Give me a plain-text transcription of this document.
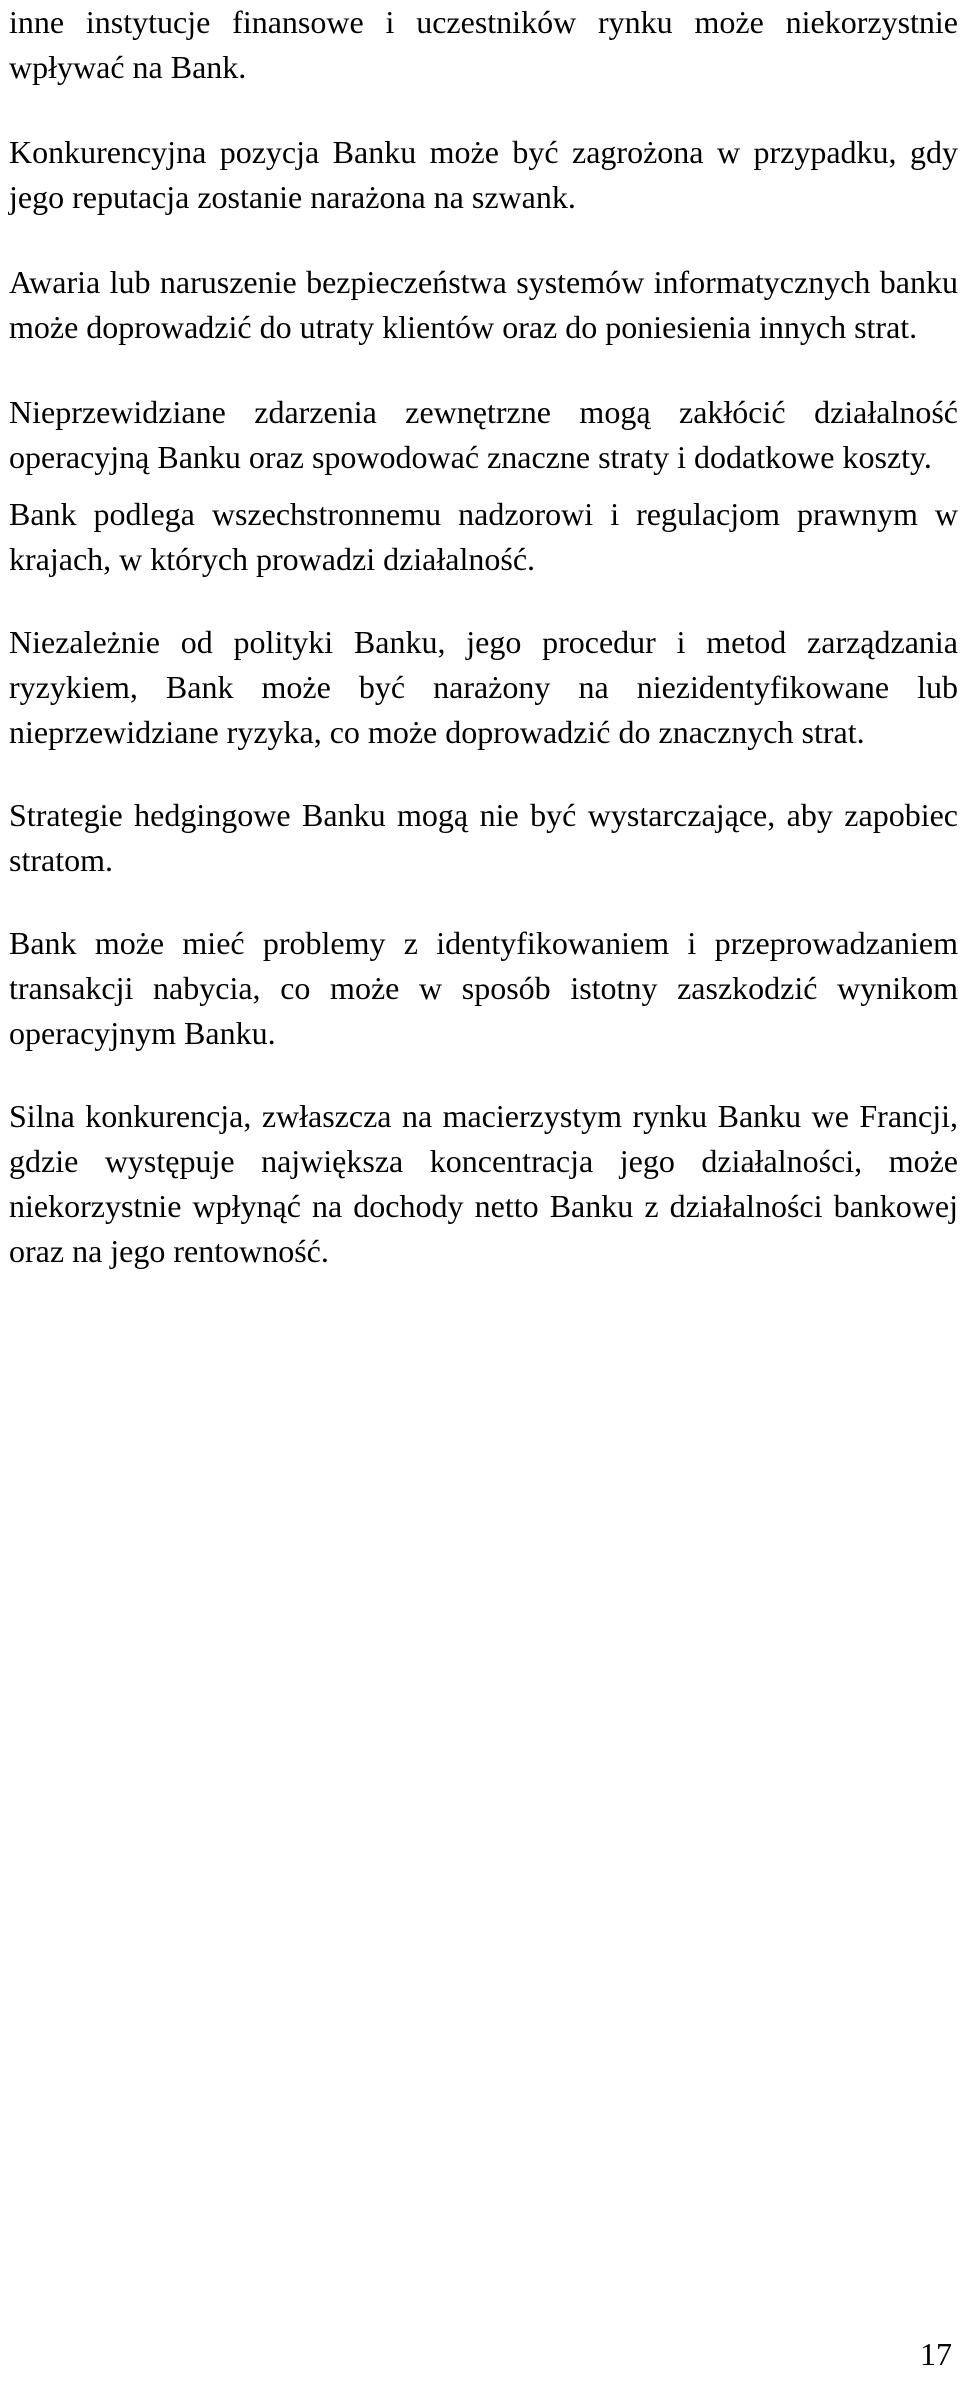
inne instytucje finansowe i uczestników rynku może niekorzystnie wpływać na Bank.

Konkurencyjna pozycja Banku może być zagrożona w przypadku, gdy jego reputacja zostanie narażona na szwank.

Awaria lub naruszenie bezpieczeństwa systemów informatycznych banku może doprowadzić do utraty klientów oraz do poniesienia innych strat.

Nieprzewidziane zdarzenia zewnętrzne mogą zakłócić działalność operacyjną Banku oraz spowodować znaczne straty i dodatkowe koszty.

Bank podlega wszechstronnemu nadzorowi i regulacjom prawnym w krajach, w których prowadzi działalność.

Niezależnie od polityki Banku, jego procedur i metod zarządzania ryzykiem, Bank może być narażony na niezidentyfikowane lub nieprzewidziane ryzyka, co może doprowadzić do znacznych strat.

Strategie hedgingowe Banku mogą nie być wystarczające, aby zapobiec stratom.

Bank może mieć problemy z identyfikowaniem i przeprowadzaniem transakcji nabycia, co może w sposób istotny zaszkodzić wynikom operacyjnym Banku.

Silna konkurencja, zwłaszcza na macierzystym rynku Banku we Francji, gdzie występuje największa koncentracja jego działalności, może niekorzystnie wpłynąć na dochody netto Banku z działalności bankowej oraz na jego rentowność.

17
